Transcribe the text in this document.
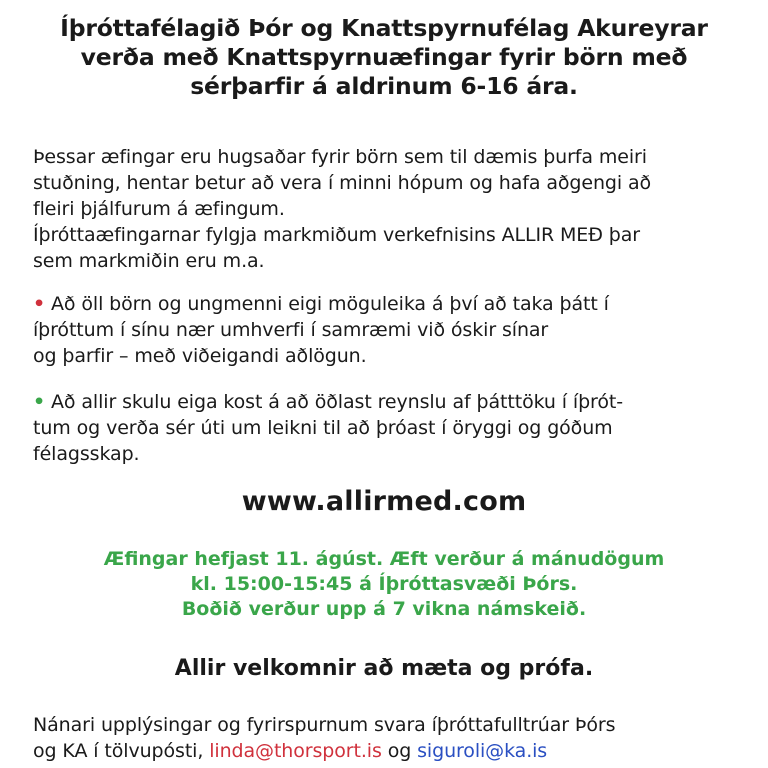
Íþróttafélagið Þór og Knattspyrnufélag Akureyrar
verða með Knattspyrnuæfingar fyrir börn með
sérþarfir á aldrinum 6-16 ára.
Þessar æfingar eru hugsaðar fyrir börn sem til dæmis þurfa meiri
stuðning, hentar betur að vera í minni hópum og hafa aðgengi að
fleiri þjálfurum á æfingum.
Íþróttaæfingarnar fylgja markmiðum verkefnisins ALLIR MEÐ þar
sem markmiðin eru m.a.
• Að öll börn og ungmenni eigi möguleika á því að taka þátt í
íþróttum í sínu nær umhverfi í samræmi við óskir sínar
og þarfir – með viðeigandi aðlögun.
• Að allir skulu eiga kost á að öðlast reynslu af þátttöku í íþrót-
tum og verða sér úti um leikni til að þróast í öryggi og góðum
félagsskap.
www.allirmed.com
Æfingar hefjast 11. ágúst. Æft verður á mánudögum
kl. 15:00-15:45 á Íþróttasvæði Þórs.
Boðið verður upp á 7 vikna námskeið.
Allir velkomnir að mæta og prófa.
Nánari upplýsingar og fyrirspurnum svara íþróttafulltrúar Þórs
og KA í tölvupósti, linda@thorsport.is og siguroli@ka.is
